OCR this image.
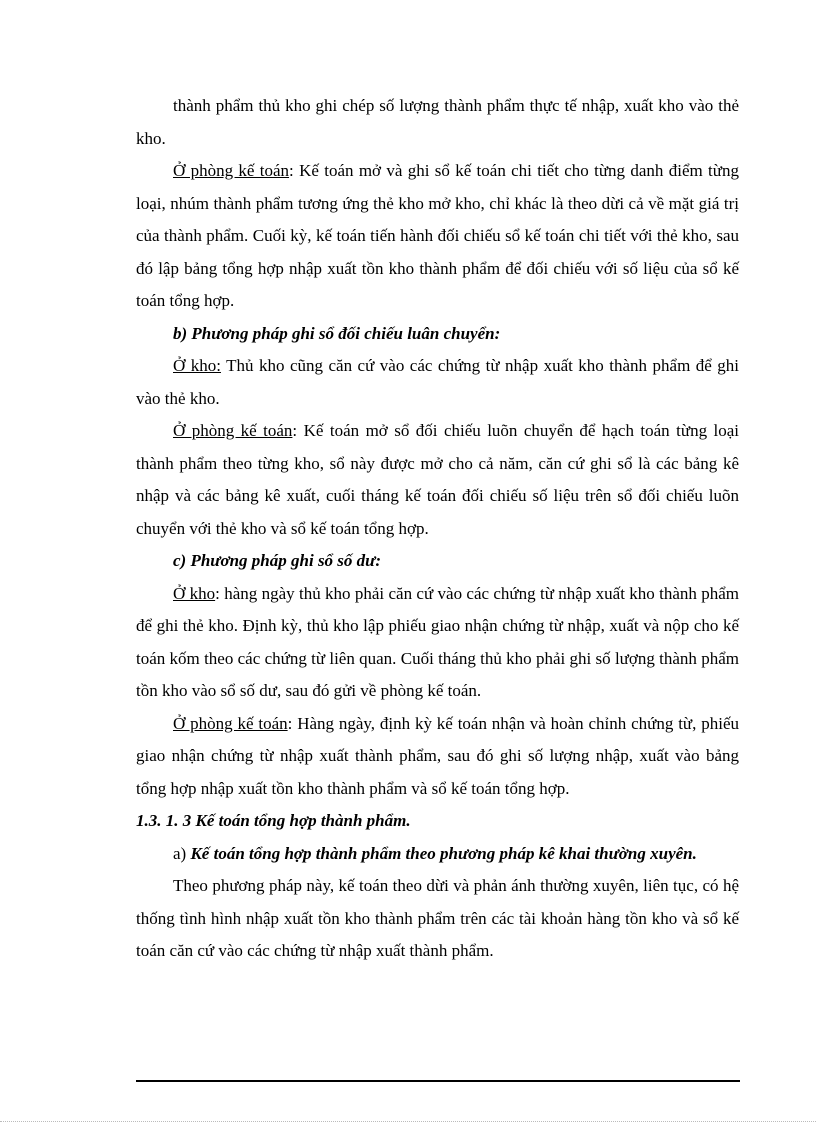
thành phẩm thủ kho ghi chép số lượng thành phẩm thực tế nhập, xuất kho vào thẻ kho.

Ở phòng kế toán: Kế toán mở và ghi sổ kế toán chi tiết cho từng danh điểm từng loại, nhúm thành phẩm tương ứng thẻ kho mở kho, chỉ khác là theo dừi cả về mặt giá trị của thành phẩm. Cuối kỳ, kế toán tiến hành đối chiếu sổ kế toán chi tiết với thẻ kho, sau đó lập bảng tổng hợp nhập xuất tồn kho thành phẩm để đối chiếu với số liệu của sổ kế toán tổng hợp.

b) Phương pháp ghi sổ đối chiếu luân chuyển:

Ở kho: Thủ kho cũng căn cứ vào các chứng từ nhập xuất kho thành phẩm để ghi vào thẻ kho.

Ở phòng kế toán: Kế toán mở sổ đối chiếu luõn chuyển để hạch toán từng loại thành phẩm theo từng kho, sổ này được mở cho cả năm, căn cứ ghi sổ là các bảng kê nhập và các bảng kê xuất, cuối tháng kế toán đối chiếu số liệu trên sổ đối chiếu luõn chuyển với thẻ kho và sổ kế toán tổng hợp.

c) Phương pháp ghi sổ số dư:

Ở kho: hàng ngày thủ kho phải căn cứ vào các chứng từ nhập xuất kho thành phẩm để ghi thẻ kho. Định kỳ, thủ kho lập phiếu giao nhận chứng từ nhập, xuất và nộp cho kế toán kốm theo các chứng từ liên quan. Cuối tháng thủ kho phải ghi số lượng thành phẩm tồn kho vào sổ số dư, sau đó gửi về phòng kế toán.

Ở phòng kế toán: Hàng ngày, định kỳ kế toán nhận và hoàn chỉnh chứng từ, phiếu giao nhận chứng từ nhập xuất thành phẩm, sau đó ghi số lượng nhập, xuất vào bảng tổng hợp nhập xuất tồn kho thành phẩm và sổ kế toán tổng hợp.

1.3. 1. 3 Kế toán tổng hợp thành phẩm.

a) Kế toán tổng hợp thành phẩm theo phương pháp kê khai thường xuyên.

Theo phương pháp này, kế toán theo dừi và phản ánh thường xuyên, liên tục, có hệ thống tình hình nhập xuất tồn kho thành phẩm trên các tài khoản hàng tồn kho và sổ kế toán căn cứ vào các chứng từ nhập xuất thành phẩm.
